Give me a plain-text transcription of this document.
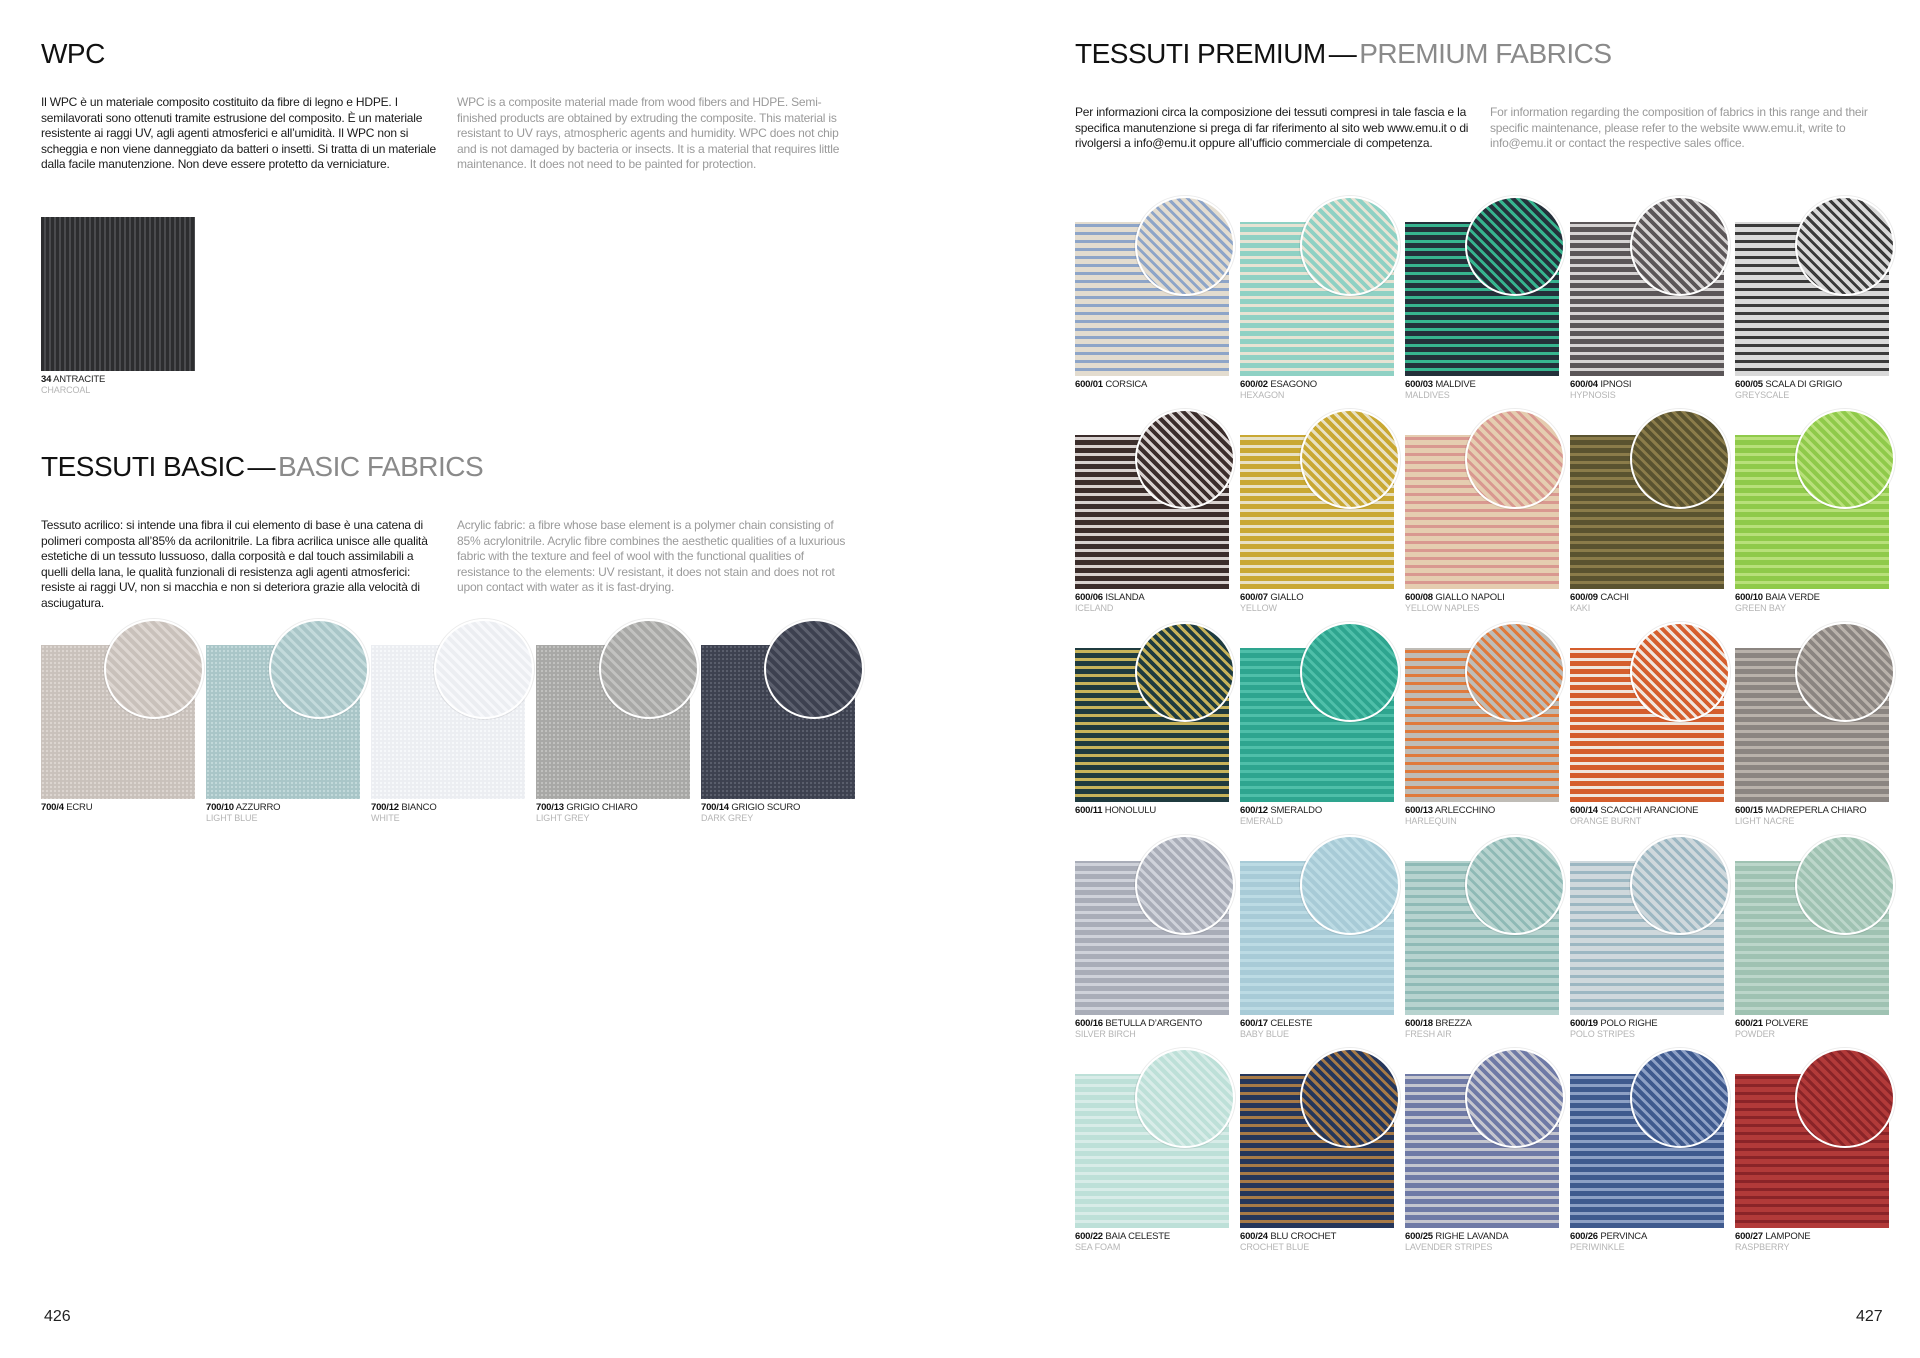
WPC
Il WPC è un materiale composito costituito da fibre di legno e HDPE. I semilavorati sono ottenuti tramite estrusione del composito. È un materiale resistente ai raggi UV, agli agenti atmosferici e all’umidità. Il WPC non si scheggia e non viene danneggiato da batteri o insetti. Si tratta di un materiale dalla facile manutenzione. Non deve essere protetto da verniciature.
WPC is a composite material made from wood fibers and HDPE. Semi-finished products are obtained by extruding the composite. This material is resistant to UV rays, atmospheric agents and humidity. WPC does not chip and is not damaged by bacteria or insects. It is a material that requires little maintenance. It does not need to be painted for protection.
34 ANTRACITE
CHARCOAL
TESSUTI BASIC — BASIC FABRICS
Tessuto acrilico: si intende una fibra il cui elemento di base è una catena di polimeri composta all’85% da acrilonitrile. La fibra acrilica unisce alle qualità estetiche di un tessuto lussuoso, dalla corposità e dal touch assimilabili a quelli della lana, le qualità funzionali di resistenza agli agenti atmosferici: resiste ai raggi UV, non si macchia e non si deteriora grazie alla velocità di asciugatura.
Acrylic fabric: a fibre whose base element is a polymer chain consisting of 85% acrylonitrile. Acrylic fibre combines the aesthetic qualities of a luxurious fabric with the texture and feel of wool with the functional qualities of resistance to the elements: UV resistant, it does not stain and does not rot upon contact with water as it is fast-drying.
700/4 ECRU	700/10 AZZURRO
LIGHT BLUE
700/12 BIANCO
WHITE
700/13 GRIGIO CHIARO
LIGHT GREY
700/14 GRIGIO SCURO
DARK GREY
426
TESSUTI PREMIUM — PREMIUM FABRICS
Per informazioni circa la composizione dei tessuti compresi in tale fascia e la specifica manutenzione si prega di far riferimento al sito web www.emu.it o di rivolgersi a info@emu.it oppure all’ufficio commerciale di competenza.
For information regarding the composition of fabrics in this range and their specific maintenance, please refer to the website www.emu.it, write to info@emu.it or contact the respective sales office.
600/01 CORSICA	600/02 ESAGONO
HEXAGON
600/03 MALDIVE
MALDIVES
600/04 IPNOSI
HYPNOSIS
600/05 SCALA DI GRIGIO
GREYSCALE
600/06 ISLANDA
ICELAND
600/07 GIALLO
YELLOW
600/08 GIALLO NAPOLI
YELLOW NAPLES
600/09 CACHI
KAKI
600/10 BAIA VERDE
GREEN BAY
600/11 HONOLULU	600/12 SMERALDO
EMERALD
600/13 ARLECCHINO
HARLEQUIN
600/14 SCACCHI ARANCIONE
ORANGE BURNT
600/15 MADREPERLA CHIARO
LIGHT NACRE
600/16 BETULLA D’ARGENTO
SILVER BIRCH
600/17 CELESTE
BABY BLUE
600/18 BREZZA
FRESH AIR
600/19 POLO RIGHE
POLO STRIPES
600/21 POLVERE
POWDER
600/22 BAIA CELESTE
SEA FOAM
600/24 BLU CROCHET
CROCHET BLUE
600/25 RIGHE LAVANDA
LAVENDER STRIPES
600/26 PERVINCA
PERIWINKLE
600/27 LAMPONE
RASPBERRY
427
